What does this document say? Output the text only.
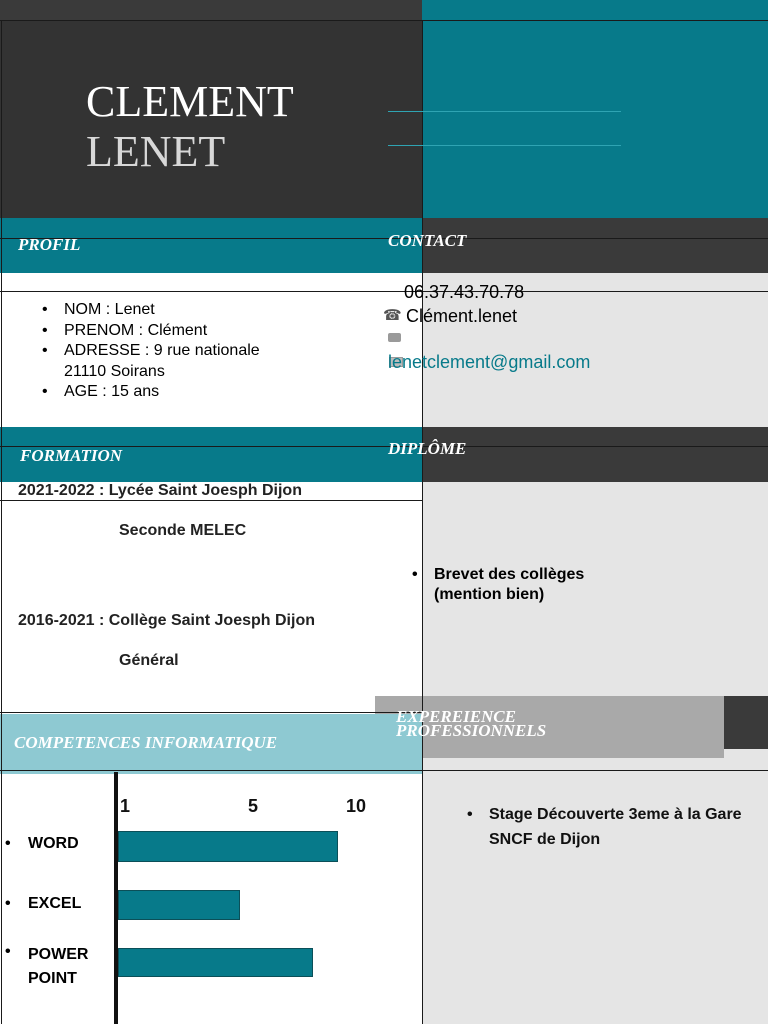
CLEMENT
LENET
PROFIL
• NOM : Lenet
• PRENOM : Clément
• ADRESSE : 9 rue nationale 21110 Soirans
• AGE : 15 ans
CONTACT
06.37.43.70.78
☎ Clément.lenet
lenetclement@gmail.com
FORMATION
2021-2022 : Lycée Saint Joesph Dijon
Seconde MELEC
2016-2021 : Collège Saint Joesph Dijon
Général
DIPLÔME
• Brevet des collèges (mention bien)
EXPEREIENCE
PROFESSIONNELS
• Stage Découverte 3eme à la Gare SNCF de Dijon
COMPETENCES INFORMATIQUE
1	5	10
• WORD
• EXCEL
• POWER POINT
